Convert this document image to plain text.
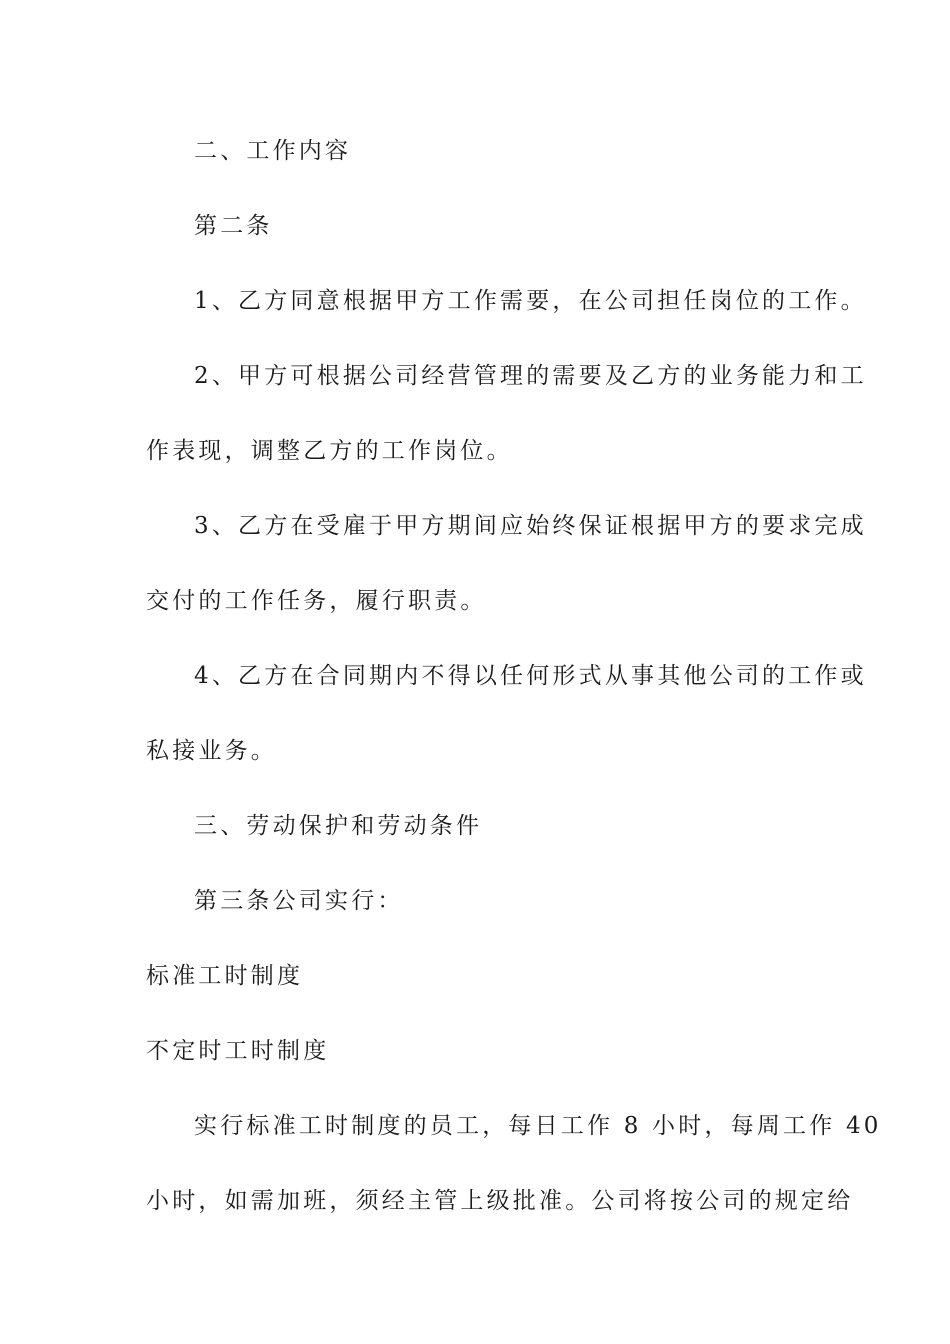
二、工作内容
第二条
1、乙方同意根据甲方工作需要，在公司担任岗位的工作。
2、甲方可根据公司经营管理的需要及乙方的业务能力和工
作表现，调整乙方的工作岗位。
3、乙方在受雇于甲方期间应始终保证根据甲方的要求完成
交付的工作任务，履行职责。
4、乙方在合同期内不得以任何形式从事其他公司的工作或
私接业务。
三、劳动保护和劳动条件
第三条公司实行：
标准工时制度
不定时工时制度
实行标准工时制度的员工，每日工作 8 小时，每周工作 40
小时，如需加班，须经主管上级批准。公司将按公司的规定给
